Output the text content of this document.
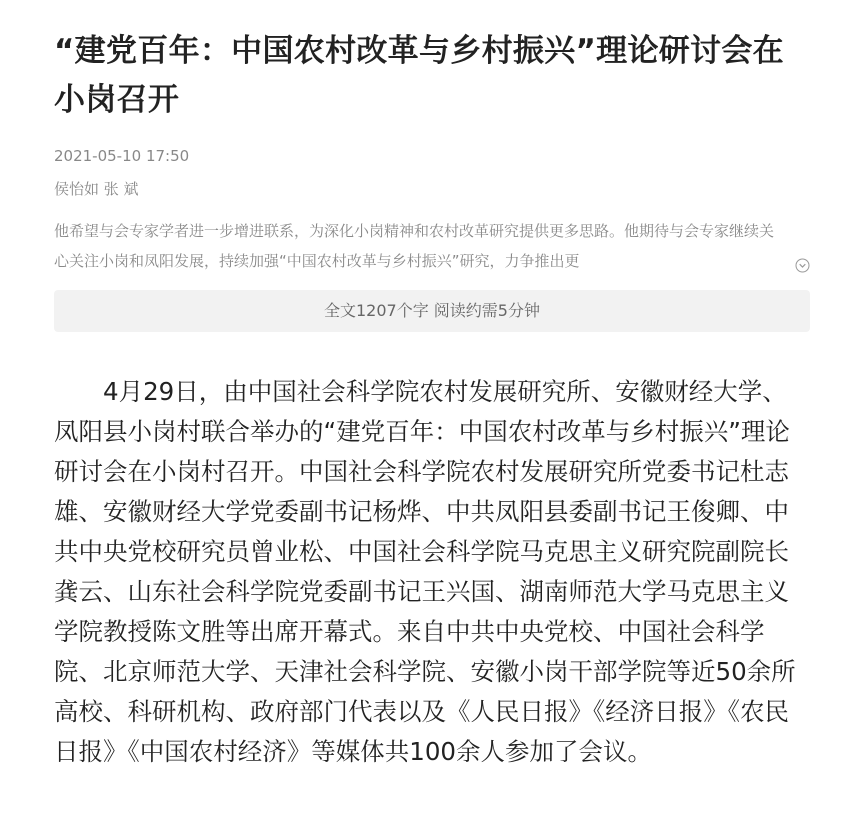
“建党百年：中国农村改革与乡村振兴”理论研讨会在小岗召开
2021-05-10 17:50
侯怡如 张 斌
他希望与会专家学者进一步增进联系，为深化小岗精神和农村改革研究提供更多思路。他期待与会专家继续关心关注小岗和凤阳发展，持续加强“中国农村改革与乡村振兴”研究，力争推出更
全文1207个字 阅读约需5分钟

4月29日，由中国社会科学院农村发展研究所、安徽财经大学、凤阳县小岗村联合举办的“建党百年：中国农村改革与乡村振兴”理论研讨会在小岗村召开。中国社会科学院农村发展研究所党委书记杜志雄、安徽财经大学党委副书记杨烨、中共凤阳县委副书记王俊卿、中共中央党校研究员曾业松、中国社会科学院马克思主义研究院副院长龚云、山东社会科学院党委副书记王兴国、湖南师范大学马克思主义学院教授陈文胜等出席开幕式。来自中共中央党校、中国社会科学院、北京师范大学、天津社会科学院、安徽小岗干部学院等近50余所高校、科研机构、政府部门代表以及《人民日报》《经济日报》《农民日报》《中国农村经济》等媒体共100余人参加了会议。
